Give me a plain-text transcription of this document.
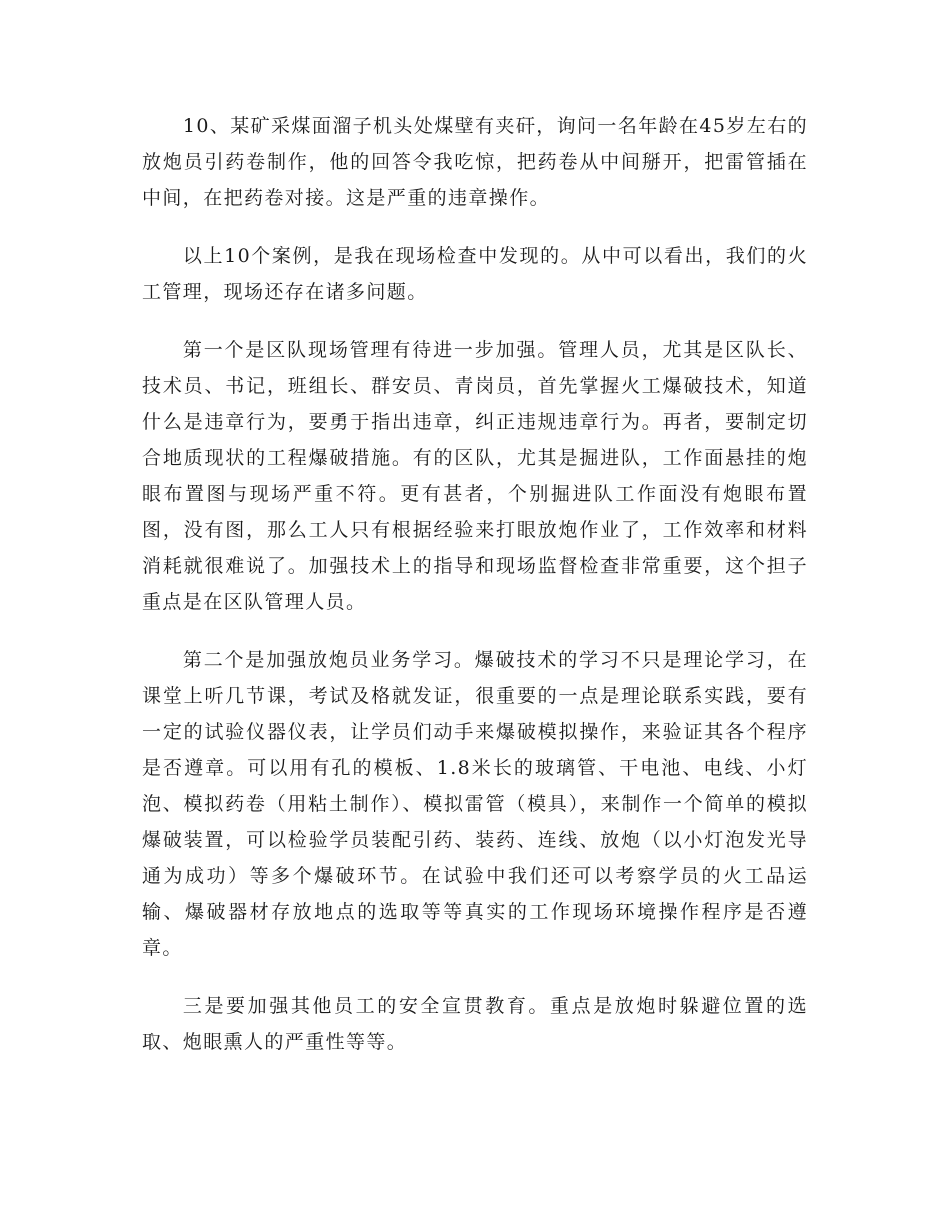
10、某矿采煤面溜子机头处煤壁有夹矸，询问一名年龄在45岁左右的放炮员引药卷制作，他的回答令我吃惊，把药卷从中间掰开，把雷管插在中间，在把药卷对接。这是严重的违章操作。

以上10个案例，是我在现场检查中发现的。从中可以看出，我们的火工管理，现场还存在诸多问题。

第一个是区队现场管理有待进一步加强。管理人员，尤其是区队长、技术员、书记，班组长、群安员、青岗员，首先掌握火工爆破技术，知道什么是违章行为，要勇于指出违章，纠正违规违章行为。再者，要制定切合地质现状的工程爆破措施。有的区队，尤其是掘进队，工作面悬挂的炮眼布置图与现场严重不符。更有甚者，个别掘进队工作面没有炮眼布置图，没有图，那么工人只有根据经验来打眼放炮作业了，工作效率和材料消耗就很难说了。加强技术上的指导和现场监督检查非常重要，这个担子重点是在区队管理人员。

第二个是加强放炮员业务学习。爆破技术的学习不只是理论学习，在课堂上听几节课，考试及格就发证，很重要的一点是理论联系实践，要有一定的试验仪器仪表，让学员们动手来爆破模拟操作，来验证其各个程序是否遵章。可以用有孔的模板、1.8米长的玻璃管、干电池、电线、小灯泡、模拟药卷（用粘土制作）、模拟雷管（模具），来制作一个简单的模拟爆破装置，可以检验学员装配引药、装药、连线、放炮（以小灯泡发光导通为成功）等多个爆破环节。在试验中我们还可以考察学员的火工品运输、爆破器材存放地点的选取等等真实的工作现场环境操作程序是否遵章。

三是要加强其他员工的安全宣贯教育。重点是放炮时躲避位置的选取、炮眼熏人的严重性等等。
